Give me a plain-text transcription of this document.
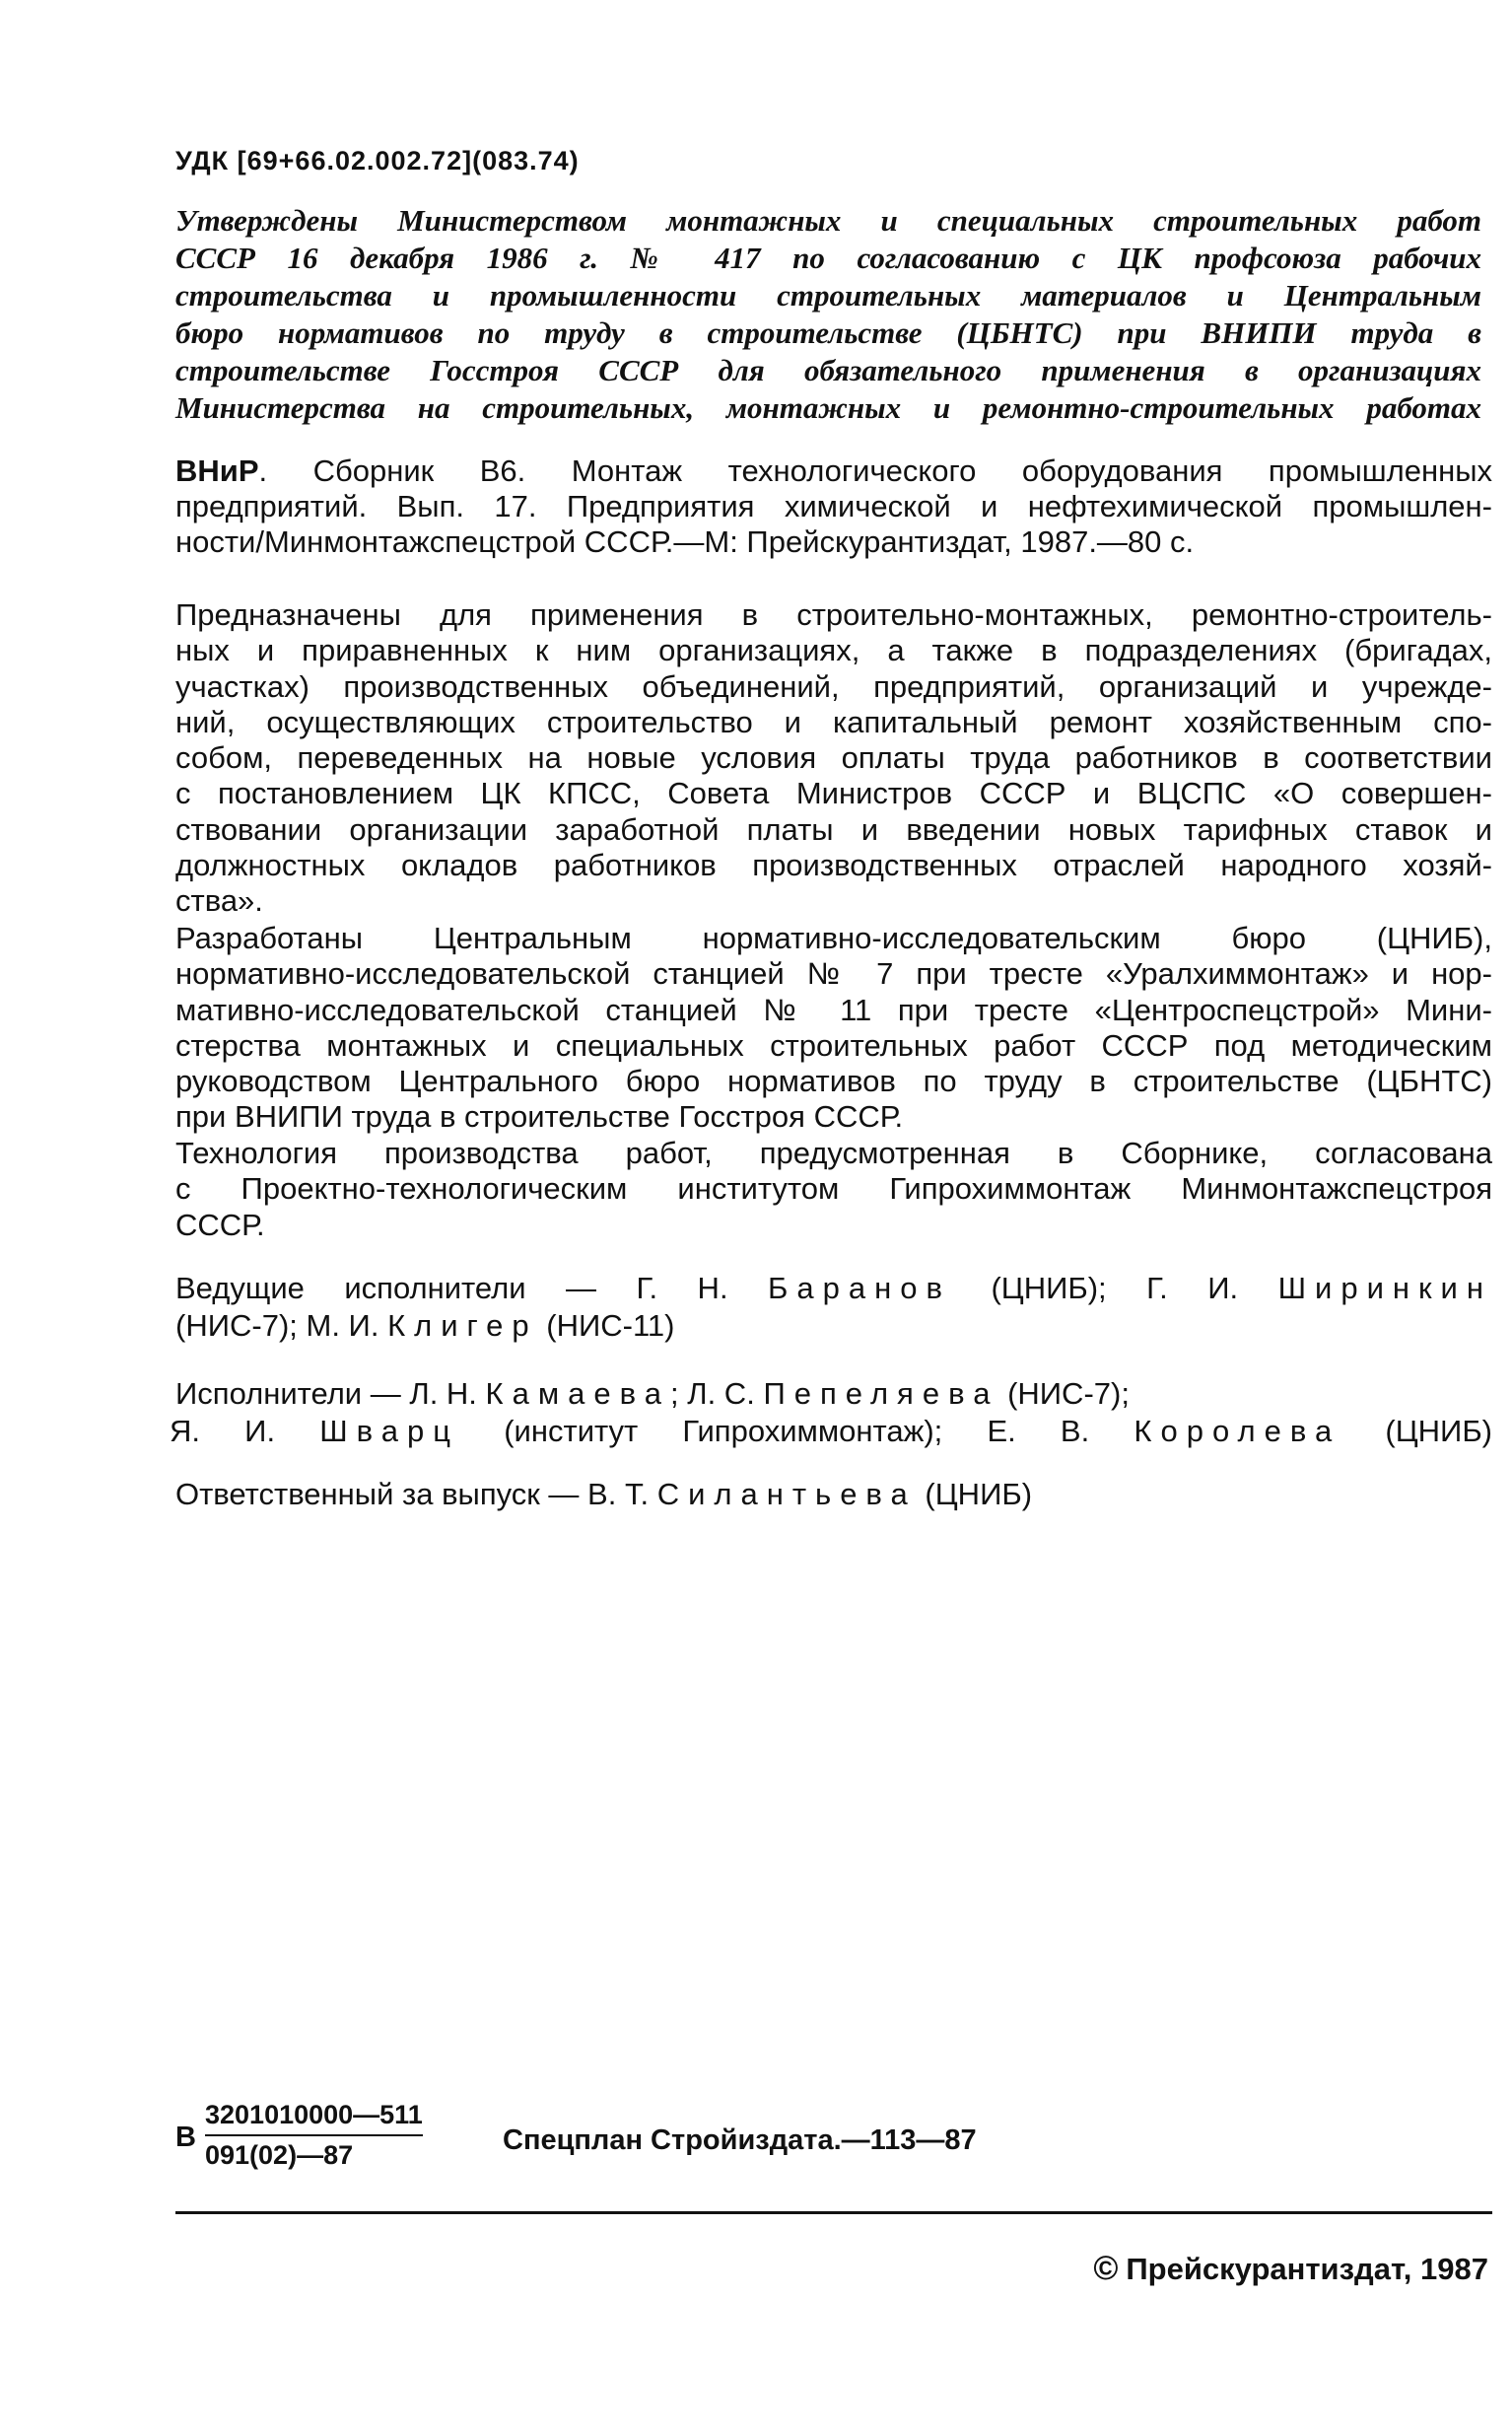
УДК [69+66.02.002.72](083.74)
Утверждены Министерством монтажных и специальных строительных работ
СССР 16 декабря 1986 г. № 417 по согласованию с ЦК профсоюза рабочих
строительства и промышленности строительных материалов и Центральным
бюро нормативов по труду в строительстве (ЦБНТС) при ВНИПИ труда в
строительстве Госстроя СССР для обязательного применения в организациях
Министерства на строительных, монтажных и ремонтно-строительных работах
ВНиР. Сборник В6. Монтаж технологического оборудования промышленных
предприятий. Вып. 17. Предприятия химической и нефтехимической промышлен-
ности/Минмонтажспецстрой СССР.—М: Прейскурантиздат, 1987.—80 с.
Предназначены для применения в строительно-монтажных, ремонтно-строитель-
ных и приравненных к ним организациях, а также в подразделениях (бригадах,
участках) производственных объединений, предприятий, организаций и учрежде-
ний, осуществляющих строительство и капитальный ремонт хозяйственным спо-
собом, переведенных на новые условия оплаты труда работников в соответствии
с постановлением ЦК КПСС, Совета Министров СССР и ВЦСПС «О совершен-
ствовании организации заработной платы и введении новых тарифных ставок и
должностных окладов работников производственных отраслей народного хозяй-
ства».
Разработаны Центральным нормативно-исследовательским бюро (ЦНИБ),
нормативно-исследовательской станцией № 7 при тресте «Уралхиммонтаж» и нор-
мативно-исследовательской станцией № 11 при тресте «Центроспецстрой» Мини-
стерства монтажных и специальных строительных работ СССР под методическим
руководством Центрального бюро нормативов по труду в строительстве (ЦБНТС)
при ВНИПИ труда в строительстве Госстроя СССР.
Технология производства работ, предусмотренная в Сборнике, согласована
с Проектно-технологическим институтом Гипрохиммонтаж Минмонтажспецстроя
СССР.
Ведущие исполнители — Г. Н. Баранов (ЦНИБ); Г. И. Ширинкин
(НИС-7); М. И. Клигер (НИС-11)
Исполнители — Л. Н. Камаева; Л. С. Пепеляева (НИС-7);
Я. И. Шварц (институт Гипрохиммонтаж); Е. В. Королева (ЦНИБ)
Ответственный за выпуск — В. Т. Силантьева (ЦНИБ)
В $\frac{3201010000—511}{091(02)—87}$	Спецплан Стройиздата.—113—87
© Прейскурантиздат, 1987
